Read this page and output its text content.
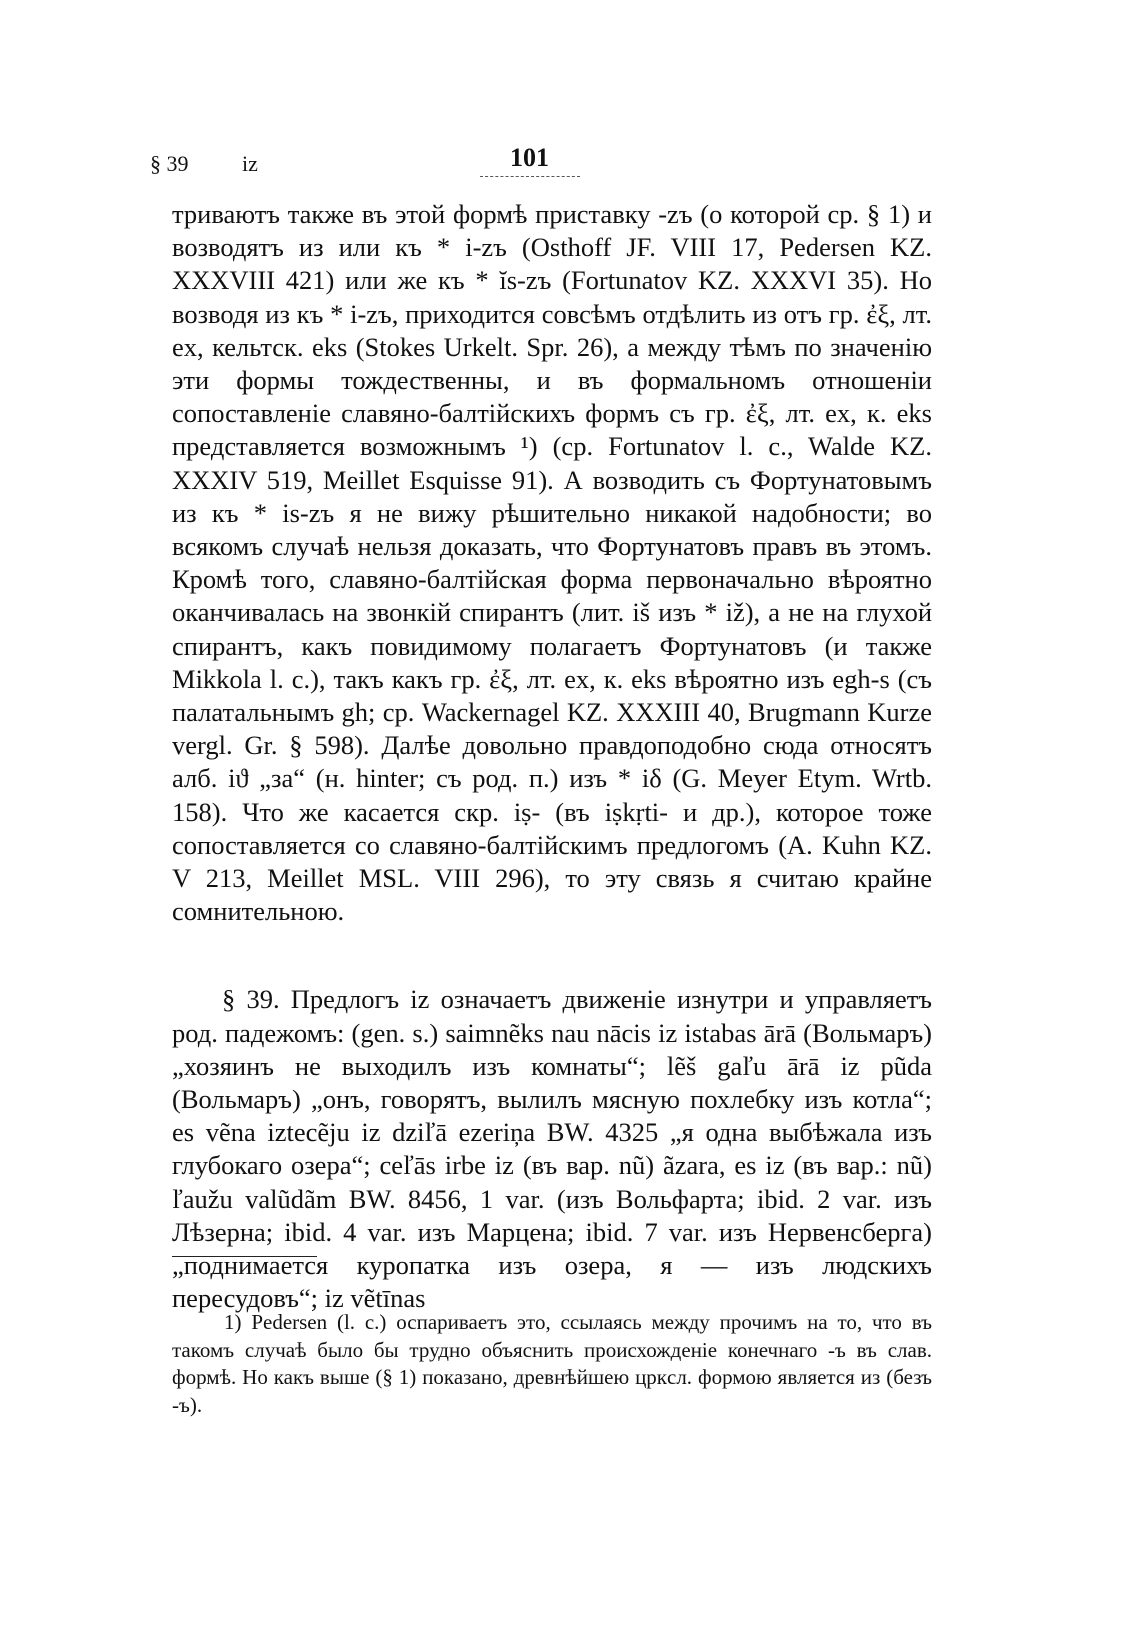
§ 39 iz	101

триваютъ также въ этой формѣ приставку -zъ (о которой ср. § 1) и возводятъ из или къ * i-zъ (Osthoff JF. VIII 17, Pedersen KZ. XXXVIII 421) или же къ * ĭs-zъ (Fortunatov KZ. XXXVI 35). Но возводя из къ * i-zъ, приходится совсѣмъ отдѣлить из отъ гр. ἐξ, лт. ex, кельтск. eks (Stokes Urkelt. Spr. 26), а между тѣмъ по значенію эти формы тождественны, и въ формальномъ отношеніи сопоставленіе славяно-балтійскихъ формъ съ гр. ἐξ, лт. ex, к. eks представляется возможнымъ ¹) (ср. Fortunatov l. c., Walde KZ. XXXIV 519, Meillet Esquisse 91). А возводить съ Фортунатовымъ из къ * is-zъ я не вижу рѣшительно никакой надобности; во всякомъ случаѣ нельзя доказать, что Фортунатовъ правъ въ этомъ. Кромѣ того, славяно-балтійская форма первоначально вѣроятно оканчивалась на звонкій спирантъ (лит. iš изъ * iž), а не на глухой спирантъ, какъ повидимому полагаетъ Фортунатовъ (и также Mikkola l. c.), такъ какъ гр. ἐξ, лт. ex, к. eks вѣроятно изъ egh-s (съ палатальнымъ gh; ср. Wackernagel KZ. XXXIII 40, Brugmann Kurze vergl. Gr. § 598). Далѣе довольно правдоподобно сюда относятъ алб. iϑ „за“ (н. hinter; съ род. п.) изъ * iδ (G. Meyer Etym. Wrtb. 158). Что же касается скр. iṣ- (въ iṣkṛti- и др.), которое тоже сопоставляется со славяно-балтійскимъ предлогомъ (A. Kuhn KZ. V 213, Meillet MSL. VIII 296), то эту связь я считаю крайне сомнительною.

§ 39. Предлогъ iz означаетъ движеніе изнутри и управляетъ род. падежомъ: (gen. s.) saimnẽks nau nācis iz istabas ārā (Вольмаръ) „хозяинъ не выходилъ изъ комнаты“; lẽš gaľu ārā iz pũda (Вольмаръ) „онъ, говорятъ, вылилъ мясную похлебку изъ котла“; es vẽna iztecẽju iz dziľā ezeriņa BW. 4325 „я одна выбѣжала изъ глубокаго озера“; ceľās irbe iz (въ вар. nũ) ãzara, es iz (въ вар.: nũ) ľaužu valũdãm BW. 8456, 1 var. (изъ Вольфарта; ibid. 2 var. изъ Лѣзерна; ibid. 4 var. изъ Марцена; ibid. 7 var. изъ Нервенсберга) „поднимается куропатка изъ озера, я — изъ людскихъ пересудовъ“; iz vẽtīnas

1) Pedersen (l. c.) оспариваетъ это, ссылаясь между прочимъ на то, что въ такомъ случаѣ было бы трудно объяснить происхожденіе конечнаго -ъ въ слав. формѣ. Но какъ выше (§ 1) показано, древнѣйшею цркcл. формою является из (безъ -ъ).
